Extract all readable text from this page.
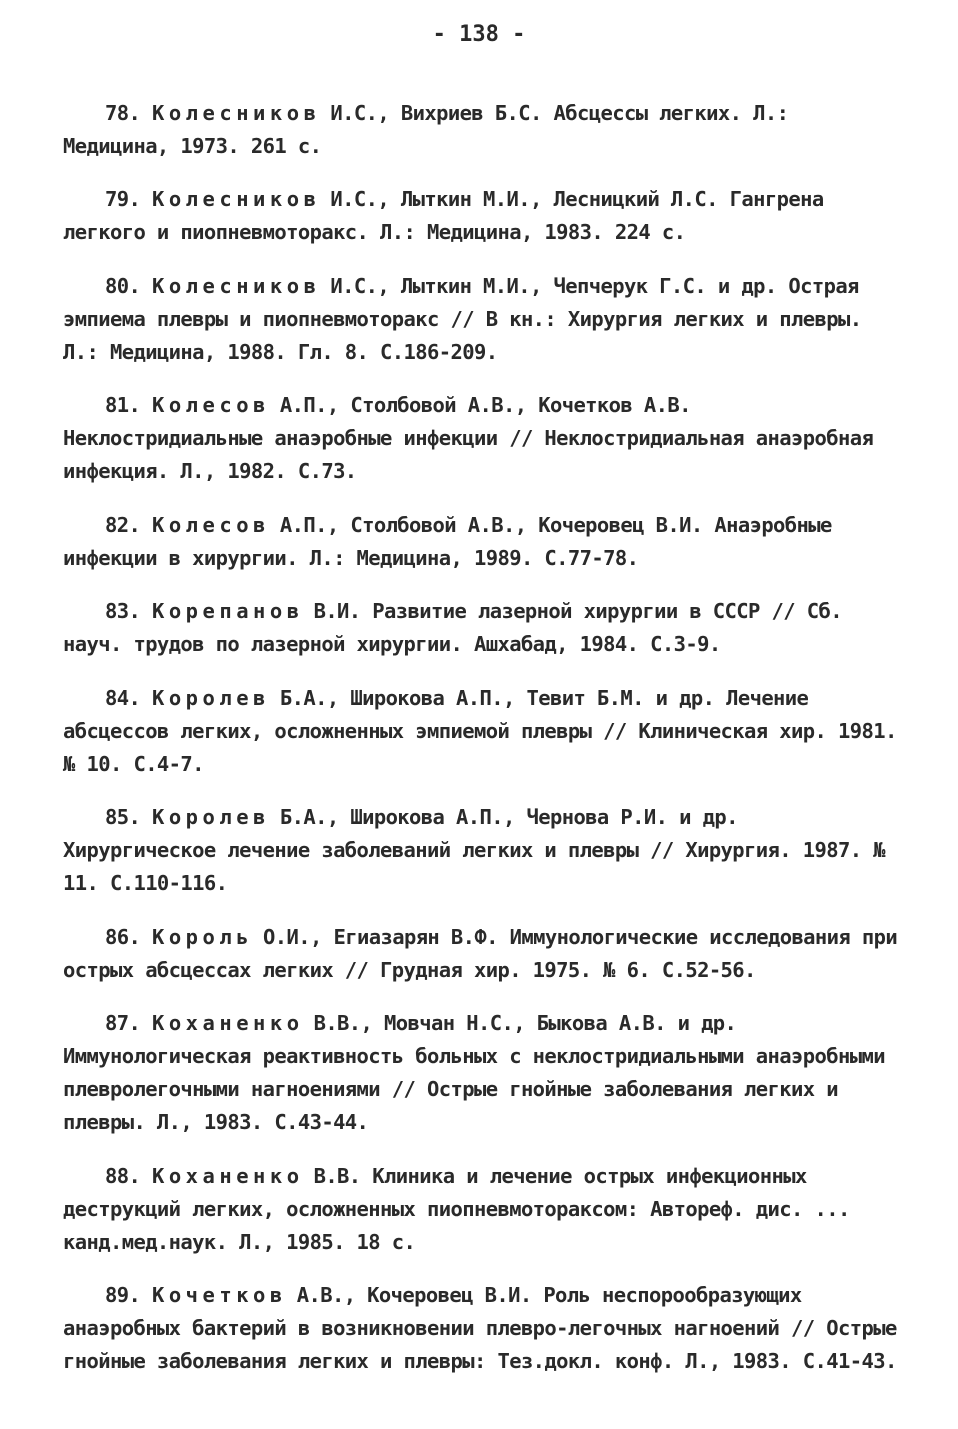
- 138 -

78. Колесников И.С., Вихриев Б.С. Абсцессы легких. Л.: Медицина, 1973. 261 с.

79. Колесников И.С., Лыткин М.И., Лесницкий Л.С. Гангрена легкого и пиопневмоторакс. Л.: Медицина, 1983. 224 с.

80. Колесников И.С., Лыткин М.И., Чепчерук Г.С. и др. Острая эмпиема плевры и пиопневмоторакс // В кн.: Хирургия легких и плевры. Л.: Медицина, 1988. Гл. 8. С.186-209.

81. Колесов А.П., Столбовой А.В., Кочетков А.В. Неклостридиальные анаэробные инфекции // Неклостридиальная анаэробная инфекция. Л., 1982. С.73.

82. Колесов А.П., Столбовой А.В., Кочеровец В.И. Анаэробные инфекции в хирургии. Л.: Медицина, 1989. С.77-78.

83. Корепанов В.И. Развитие лазерной хирургии в СССР // Сб. науч. трудов по лазерной хирургии. Ашхабад, 1984. С.3-9.

84. Королев Б.А., Широкова А.П., Тевит Б.М. и др. Лечение абсцессов легких, осложненных эмпиемой плевры // Клиническая хир. 1981. № 10. С.4-7.

85. Королев Б.А., Широкова А.П., Чернова Р.И. и др. Хирургическое лечение заболеваний легких и плевры // Хирургия. 1987. № 11. С.110-116.

86. Король О.И., Егиазарян В.Ф. Иммунологические исследования при острых абсцессах легких // Грудная хир. 1975. № 6. С.52-56.

87. Коханенко В.В., Мовчан Н.С., Быкова А.В. и др. Иммунологическая реактивность больных с неклостридиальными анаэробными плевролегочными нагноениями // Острые гнойные заболевания легких и плевры. Л., 1983. С.43-44.

88. Коханенко В.В. Клиника и лечение острых инфекционных деструкций легких, осложненных пиопневмотораксом: Автореф. дис. ... канд.мед.наук. Л., 1985. 18 с.

89. Кочетков А.В., Кочеровец В.И. Роль неспорообразующих анаэробных бактерий в возникновении плевро-легочных нагноений // Острые гнойные заболевания легких и плевры: Тез.докл. конф. Л., 1983. С.41-43.
